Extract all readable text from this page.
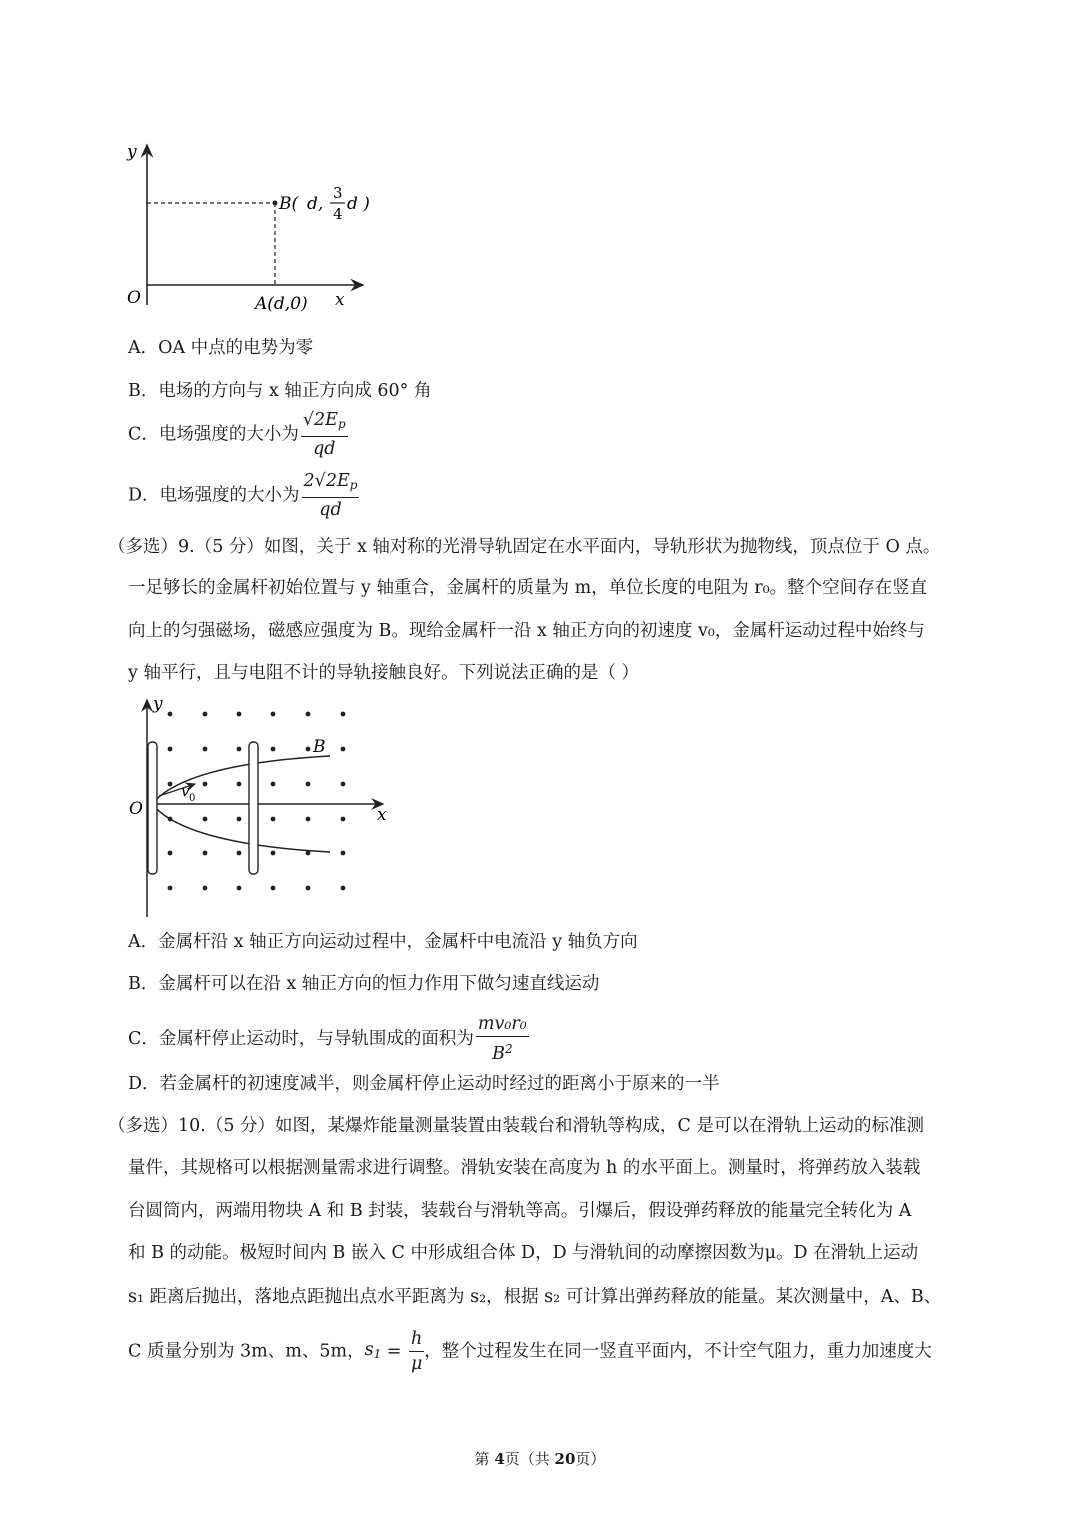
y
x
O
B( d,
3
4 d )
A(d,0)
A．OA 中点的电势为零
B．电场的方向与 x 轴正方向成 60° 角
C．电场强度的大小为 $\frac{√2E_p}{qd}$
D．电场强度的大小为 $\frac{2√2E_p}{qd}$
（多选）9.（5 分）如图，关于 x 轴对称的光滑导轨固定在水平面内，导轨形状为抛物线，顶点位于 O 点。
一足够长的金属杆初始位置与 y 轴重合，金属杆的质量为 m，单位长度的电阻为 r₀。整个空间存在竖直
向上的匀强磁场，磁感应强度为 B。现给金属杆一沿 x 轴正方向的初速度 v₀，金属杆运动过程中始终与
y 轴平行，且与电阻不计的导轨接触良好。下列说法正确的是（ ）
y
x
O
B
v 0
A．金属杆沿 x 轴正方向运动过程中，金属杆中电流沿 y 轴负方向
B．金属杆可以在沿 x 轴正方向的恒力作用下做匀速直线运动
C．金属杆停止运动时，与导轨围成的面积为 $\frac{\text{mv₀r₀}}{B^2}$
D．若金属杆的初速度减半，则金属杆停止运动时经过的距离小于原来的一半
（多选）10.（5 分）如图，某爆炸能量测量装置由装载台和滑轨等构成，C 是可以在滑轨上运动的标准测
量件，其规格可以根据测量需求进行调整。滑轨安装在高度为 h 的水平面上。测量时，将弹药放入装载
台圆筒内，两端用物块 A 和 B 封装，装载台与滑轨等高。引爆后，假设弹药释放的能量完全转化为 A
和 B 的动能。极短时间内 B 嵌入 C 中形成组合体 D，D 与滑轨间的动摩擦因数为μ。D 在滑轨上运动
s₁ 距离后抛出，落地点距抛出点水平距离为 s₂，根据 s₂ 可计算出弹药释放的能量。某次测量中，A、B、
C 质量分别为 3m、m、5m，$s_1 = \frac{h}{\mu}$ ，整个过程发生在同一竖直平面内，不计空气阻力，重力加速度大
第 4页（共 20页）
